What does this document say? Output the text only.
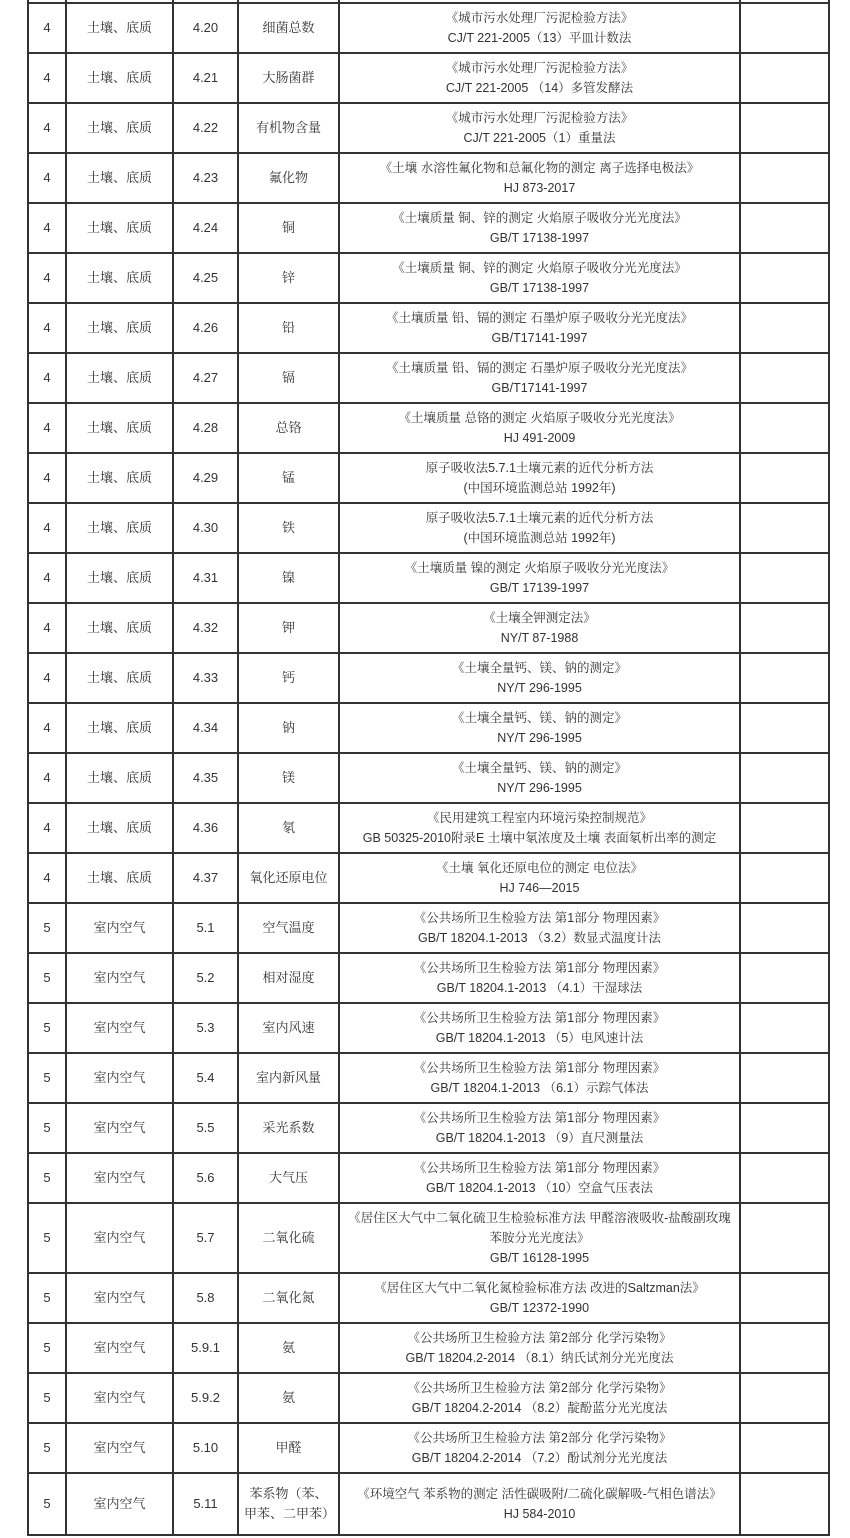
4	土壤、底质	4.20	细菌总数	《城市污水处理厂污泥检验方法》
CJ/T 221-2005（13）平皿计数法	

4	土壤、底质	4.21	大肠菌群	《城市污水处理厂污泥检验方法》
CJ/T 221-2005 （14）多管发酵法	

4	土壤、底质	4.22	有机物含量	《城市污水处理厂污泥检验方法》
CJ/T 221-2005（1）重量法	

4	土壤、底质	4.23	氟化物	《土壤 水溶性氟化物和总氟化物的测定 离子选择电极法》
HJ 873-2017	

4	土壤、底质	4.24	铜	《土壤质量 铜、锌的测定 火焰原子吸收分光光度法》
GB/T 17138-1997	

4	土壤、底质	4.25	锌	《土壤质量 铜、锌的测定 火焰原子吸收分光光度法》
GB/T 17138-1997	

4	土壤、底质	4.26	铅	《土壤质量 铅、镉的测定 石墨炉原子吸收分光光度法》
GB/T17141-1997	

4	土壤、底质	4.27	镉	《土壤质量 铅、镉的测定 石墨炉原子吸收分光光度法》
GB/T17141-1997	

4	土壤、底质	4.28	总铬	《土壤质量 总铬的测定 火焰原子吸收分光光度法》
HJ 491-2009	

4	土壤、底质	4.29	锰	原子吸收法5.7.1土壤元素的近代分析方法
(中国环境监测总站 1992年)	

4	土壤、底质	4.30	铁	原子吸收法5.7.1土壤元素的近代分析方法
(中国环境监测总站 1992年)	

4	土壤、底质	4.31	镍	《土壤质量 镍的测定 火焰原子吸收分光光度法》
GB/T 17139-1997	

4	土壤、底质	4.32	钾	《土壤全钾测定法》
NY/T 87-1988	

4	土壤、底质	4.33	钙	《土壤全量钙、镁、钠的测定》
NY/T 296-1995	

4	土壤、底质	4.34	钠	《土壤全量钙、镁、钠的测定》
NY/T 296-1995	

4	土壤、底质	4.35	镁	《土壤全量钙、镁、钠的测定》
NY/T 296-1995	

4	土壤、底质	4.36	氡	《民用建筑工程室内环境污染控制规范》
GB 50325-2010附录E 土壤中氡浓度及土壤 表面氡析出率的测定	

4	土壤、底质	4.37	氧化还原电位	《土壤 氧化还原电位的测定 电位法》
HJ 746—2015	

5	室内空气	5.1	空气温度	《公共场所卫生检验方法 第1部分 物理因素》
GB/T 18204.1-2013 （3.2）数显式温度计法	

5	室内空气	5.2	相对湿度	《公共场所卫生检验方法 第1部分 物理因素》
GB/T 18204.1-2013 （4.1）干湿球法	

5	室内空气	5.3	室内风速	《公共场所卫生检验方法 第1部分 物理因素》
GB/T 18204.1-2013 （5）电风速计法	

5	室内空气	5.4	室内新风量	《公共场所卫生检验方法 第1部分 物理因素》
GB/T 18204.1-2013 （6.1）示踪气体法	

5	室内空气	5.5	采光系数	《公共场所卫生检验方法 第1部分 物理因素》
GB/T 18204.1-2013 （9）直尺测量法	

5	室内空气	5.6	大气压	《公共场所卫生检验方法 第1部分 物理因素》
GB/T 18204.1-2013 （10）空盒气压表法	

5	室内空气	5.7	二氧化硫	《居住区大气中二氧化硫卫生检验标准方法 甲醛溶液吸收-盐酸副玫瑰苯胺分光光度法》
GB/T 16128-1995	

5	室内空气	5.8	二氧化氮	《居住区大气中二氧化氮检验标准方法 改进的Saltzman法》
GB/T 12372-1990	

5	室内空气	5.9.1	氨	《公共场所卫生检验方法 第2部分 化学污染物》
GB/T 18204.2-2014 （8.1）纳氏试剂分光光度法	

5	室内空气	5.9.2	氨	《公共场所卫生检验方法 第2部分 化学污染物》
GB/T 18204.2-2014 （8.2）靛酚蓝分光光度法	

5	室内空气	5.10	甲醛	《公共场所卫生检验方法 第2部分 化学污染物》
GB/T 18204.2-2014 （7.2）酚试剂分光光度法	

5	室内空气	5.11	苯系物（苯、甲苯、二甲苯）	《环境空气 苯系物的测定 活性碳吸附/二硫化碳解吸-气相色谱法》
HJ 584-2010	
